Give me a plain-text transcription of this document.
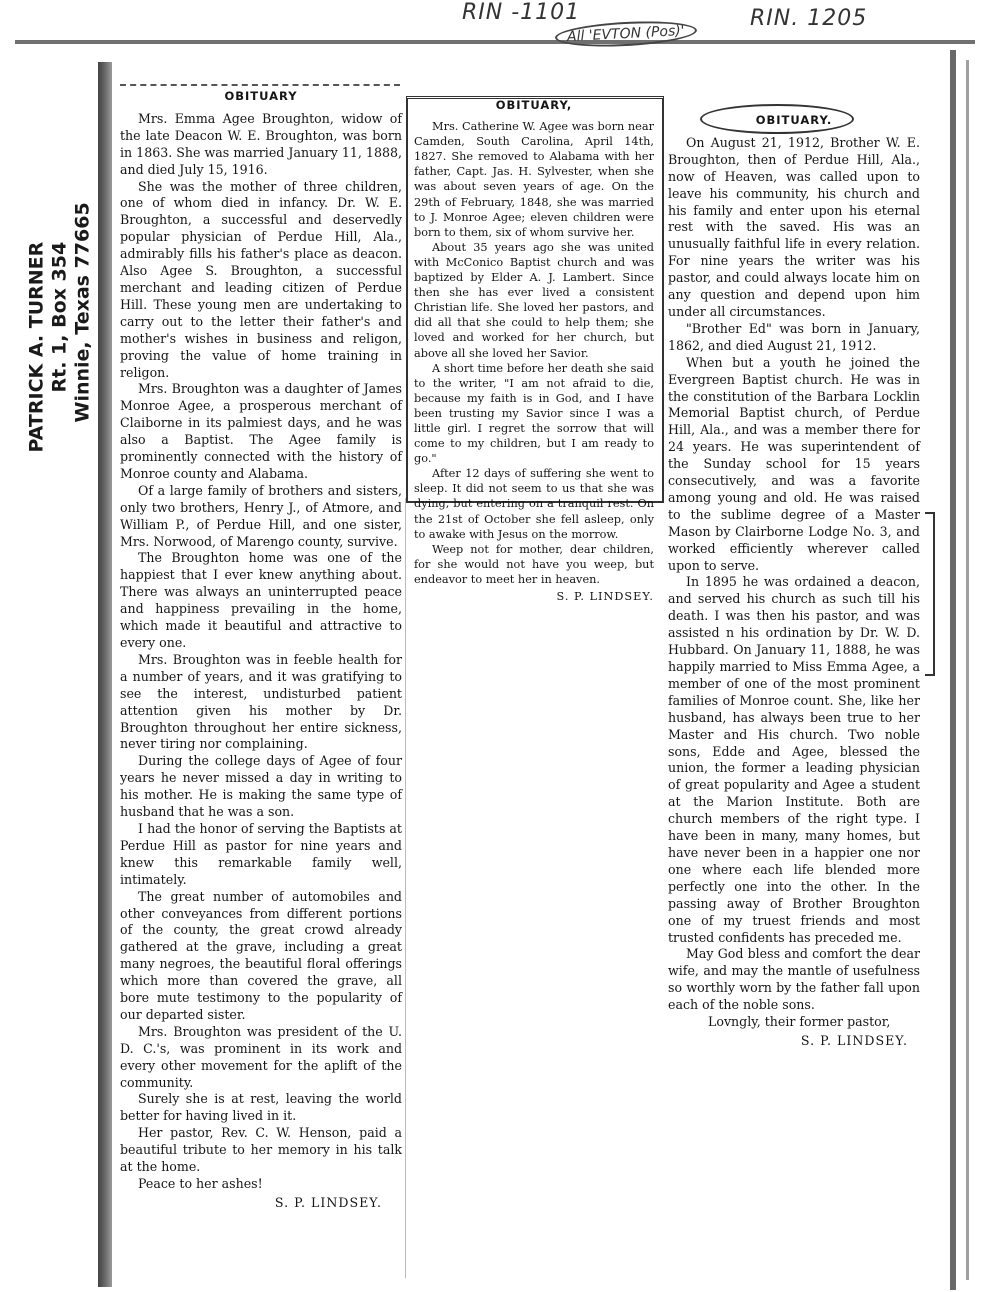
RIN -1101
All 'EVTON (Pos)'
RIN. 1205
PATRICK A. TURNER Rt. 1, Box 354 Winnie, Texas 77665

OBITUARY

Mrs. Emma Agee Broughton, widow of the late Deacon W. E. Broughton, was born in 1863. She was married January 11, 1888, and died July 15, 1916.

She was the mother of three children, one of whom died in infancy. Dr. W. E. Broughton, a successful and deservedly popular physician of Perdue Hill, Ala., admirably fills his father's place as deacon. Also Agee S. Broughton, a successful merchant and leading citizen of Perdue Hill. These young men are undertaking to carry out to the letter their father's and mother's wishes in business and religon, proving the value of home training in religon.

Mrs. Broughton was a daughter of James Monroe Agee, a prosperous merchant of Claiborne in its palmiest days, and he was also a Baptist. The Agee family is prominently connected with the history of Monroe county and Alabama.

Of a large family of brothers and sisters, only two brothers, Henry J., of Atmore, and William P., of Perdue Hill, and one sister, Mrs. Norwood, of Marengo county, survive.

The Broughton home was one of the happiest that I ever knew anything about. There was always an uninterrupted peace and happiness prevailing in the home, which made it beautiful and attractive to every one.

Mrs. Broughton was in feeble health for a number of years, and it was gratifying to see the interest, undisturbed patient attention given his mother by Dr. Broughton throughout her entire sickness, never tiring nor complaining.

During the college days of Agee of four years he never missed a day in writing to his mother. He is making the same type of husband that he was a son.

I had the honor of serving the Baptists at Perdue Hill as pastor for nine years and knew this remarkable family well, intimately.

The great number of automobiles and other conveyances from different portions of the county, the great crowd already gathered at the grave, including a great many negroes, the beautiful floral offerings which more than covered the grave, all bore mute testimony to the popularity of our departed sister.

Mrs. Broughton was president of the U. D. C.'s, was prominent in its work and every other movement for the aplift of the community.

Surely she is at rest, leaving the world better for having lived in it.

Her pastor, Rev. C. W. Henson, paid a beautiful tribute to her memory in his talk at the home.

Peace to her ashes!

S. P. LINDSEY.

OBITUARY,

Mrs. Catherine W. Agee was born near Camden, South Carolina, April 14th, 1827. She removed to Alabama with her father, Capt. Jas. H. Sylvester, when she was about seven years of age. On the 29th of February, 1848, she was married to J. Monroe Agee; eleven children were born to them, six of whom survive her.

About 35 years ago she was united with McConico Baptist church and was baptized by Elder A. J. Lambert. Since then she has ever lived a consistent Christian life. She loved her pastors, and did all that she could to help them; she loved and worked for her church, but above all she loved her Savior.

A short time before her death she said to the writer, "I am not afraid to die, because my faith is in God, and I have been trusting my Savior since I was a little girl. I regret the sorrow that will come to my children, but I am ready to go."

After 12 days of suffering she went to sleep. It did not seem to us that she was dying, but entering on a tranquil rest. On the 21st of October she fell asleep, only to awake with Jesus on the morrow.

Weep not for mother, dear children, for she would not have you weep, but endeavor to meet her in heaven.

S. P. LINDSEY.

OBITUARY.

On August 21, 1912, Brother W. E. Broughton, then of Perdue Hill, Ala., now of Heaven, was called upon to leave his community, his church and his family and enter upon his eternal rest with the saved. His was an unusually faithful life in every relation. For nine years the writer was his pastor, and could always locate him on any question and depend upon him under all circumstances.

"Brother Ed" was born in January, 1862, and died August 21, 1912.

When but a youth he joined the Evergreen Baptist church. He was in the constitution of the Barbara Locklin Memorial Baptist church, of Perdue Hill, Ala., and was a member there for 24 years. He was superintendent of the Sunday school for 15 years consecutively, and was a favorite among young and old. He was raised to the sublime degree of a Master Mason by Clairborne Lodge No. 3, and worked efficiently wherever called upon to serve.

In 1895 he was ordained a deacon, and served his church as such till his death. I was then his pastor, and was assisted n his ordination by Dr. W. D. Hubbard. On January 11, 1888, he was happily married to Miss Emma Agee, a member of one of the most prominent families of Monroe count. She, like her husband, has always been true to her Master and His church. Two noble sons, Edde and Agee, blessed the union, the former a leading physician of great popularity and Agee a student at the Marion Institute. Both are church members of the right type. I have been in many, many homes, but have never been in a happier one nor one where each life blended more perfectly one into the other. In the passing away of Brother Broughton one of my truest friends and most trusted confidents has preceded me.

May God bless and comfort the dear wife, and may the mantle of usefulness so worthly worn by the father fall upon each of the noble sons.

Lovngly, their former pastor,

S. P. LINDSEY.
